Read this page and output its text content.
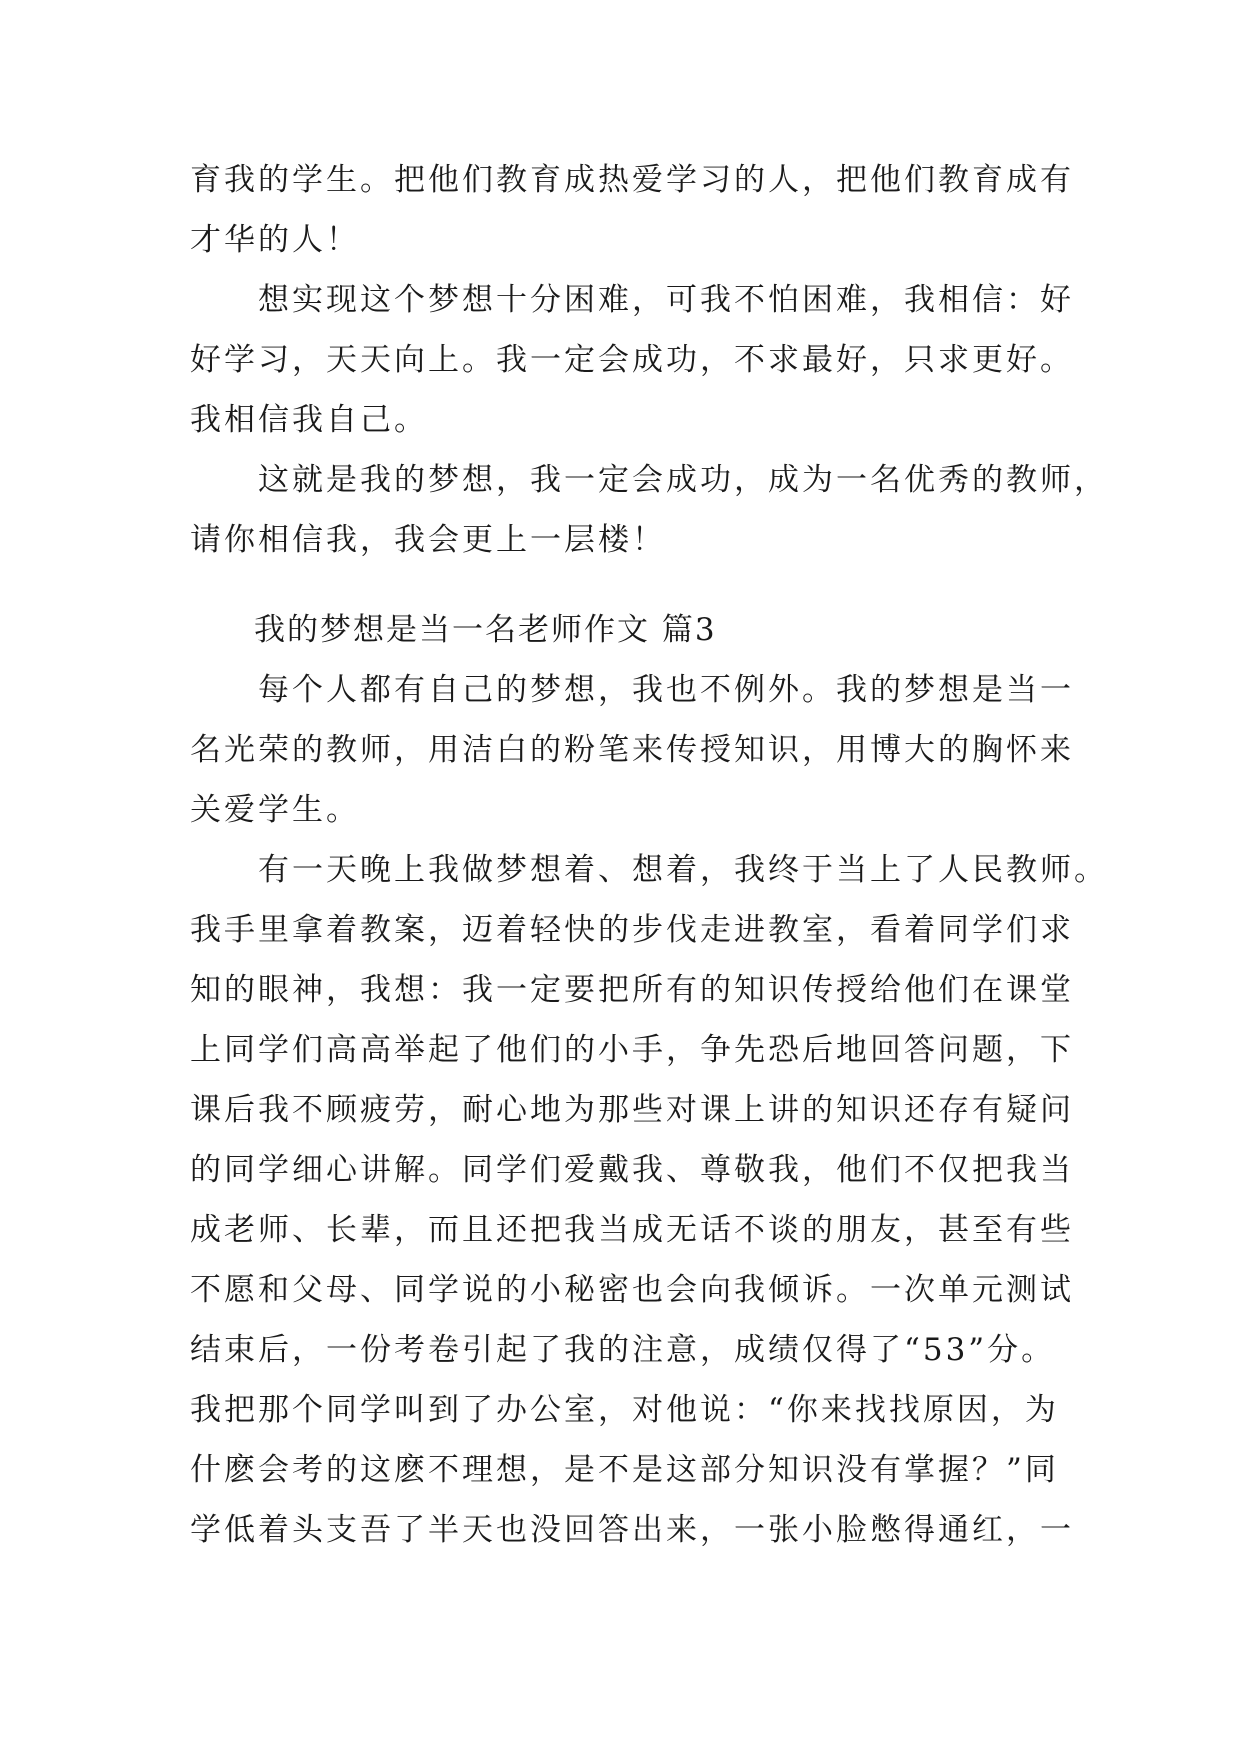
育我的学生。把他们教育成热爱学习的人，把他们教育成有
才华的人！
　　想实现这个梦想十分困难，可我不怕困难，我相信：好
好学习，天天向上。我一定会成功，不求最好，只求更好。
我相信我自己。
　　这就是我的梦想，我一定会成功，成为一名优秀的教师，
请你相信我，我会更上一层楼！
我的梦想是当一名老师作文 篇3
　　每个人都有自己的梦想，我也不例外。我的梦想是当一
名光荣的教师，用洁白的粉笔来传授知识，用博大的胸怀来
关爱学生。
　　有一天晚上我做梦想着、想着，我终于当上了人民教师。
我手里拿着教案，迈着轻快的步伐走进教室，看着同学们求
知的眼神，我想：我一定要把所有的知识传授给他们在课堂
上同学们高高举起了他们的小手，争先恐后地回答问题，下
课后我不顾疲劳，耐心地为那些对课上讲的知识还存有疑问
的同学细心讲解。同学们爱戴我、尊敬我，他们不仅把我当
成老师、长辈，而且还把我当成无话不谈的朋友，甚至有些
不愿和父母、同学说的小秘密也会向我倾诉。一次单元测试
结束后，一份考卷引起了我的注意，成绩仅得了“53”分。
我把那个同学叫到了办公室，对他说：“你来找找原因，为
什麽会考的这麽不理想，是不是这部分知识没有掌握？”同
学低着头支吾了半天也没回答出来，一张小脸憋得通红，一
